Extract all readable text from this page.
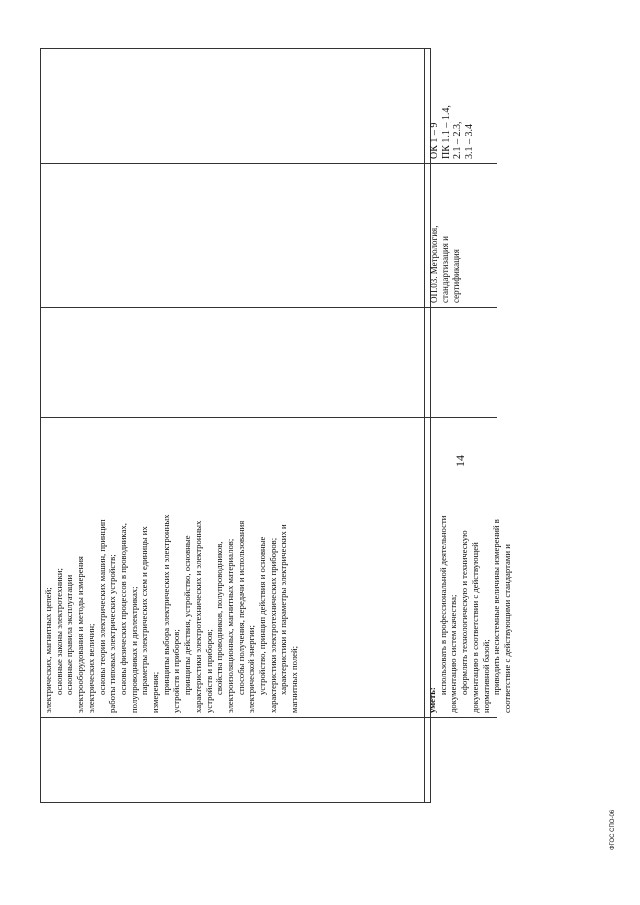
14

электрических, магнитных цепей; основные законы электротехники; основные правила эксплуатации электрооборудования и методы измерения электрических величин; основы теории электрических машин, принцип работы типовых электрических устройств; основы физических процессов в проводниках, полупроводниках и диэлектриках; параметры электрических схем и единицы их измерения; принципы выбора электрических и электронных устройств и приборов; принципы действия, устройство, основные характеристики электротехнических и электронных устройств и приборов; свойства проводников, полупроводников, электроизоляционных, магнитных материалов; способы получения, передачи и использования электрической энергии; устройство, принцип действия и основные характеристики электротехнических приборов; характеристики и параметры электрических и магнитных полей;	уметь:

использовать в профессиональной деятельности документацию систем качества; оформлять технологическую и техническую документацию в соответствии с действующей нормативной базой; приводить несистемные величины измерений в соответствие с действующими стандартами и

ОП.03. Метрология, стандартизация и сертификация

ОК 1 – 9 ПК 1.1 – 1.4, 2.1 – 2.3, 3.1 – 3.4

ФГОС СПО-06
